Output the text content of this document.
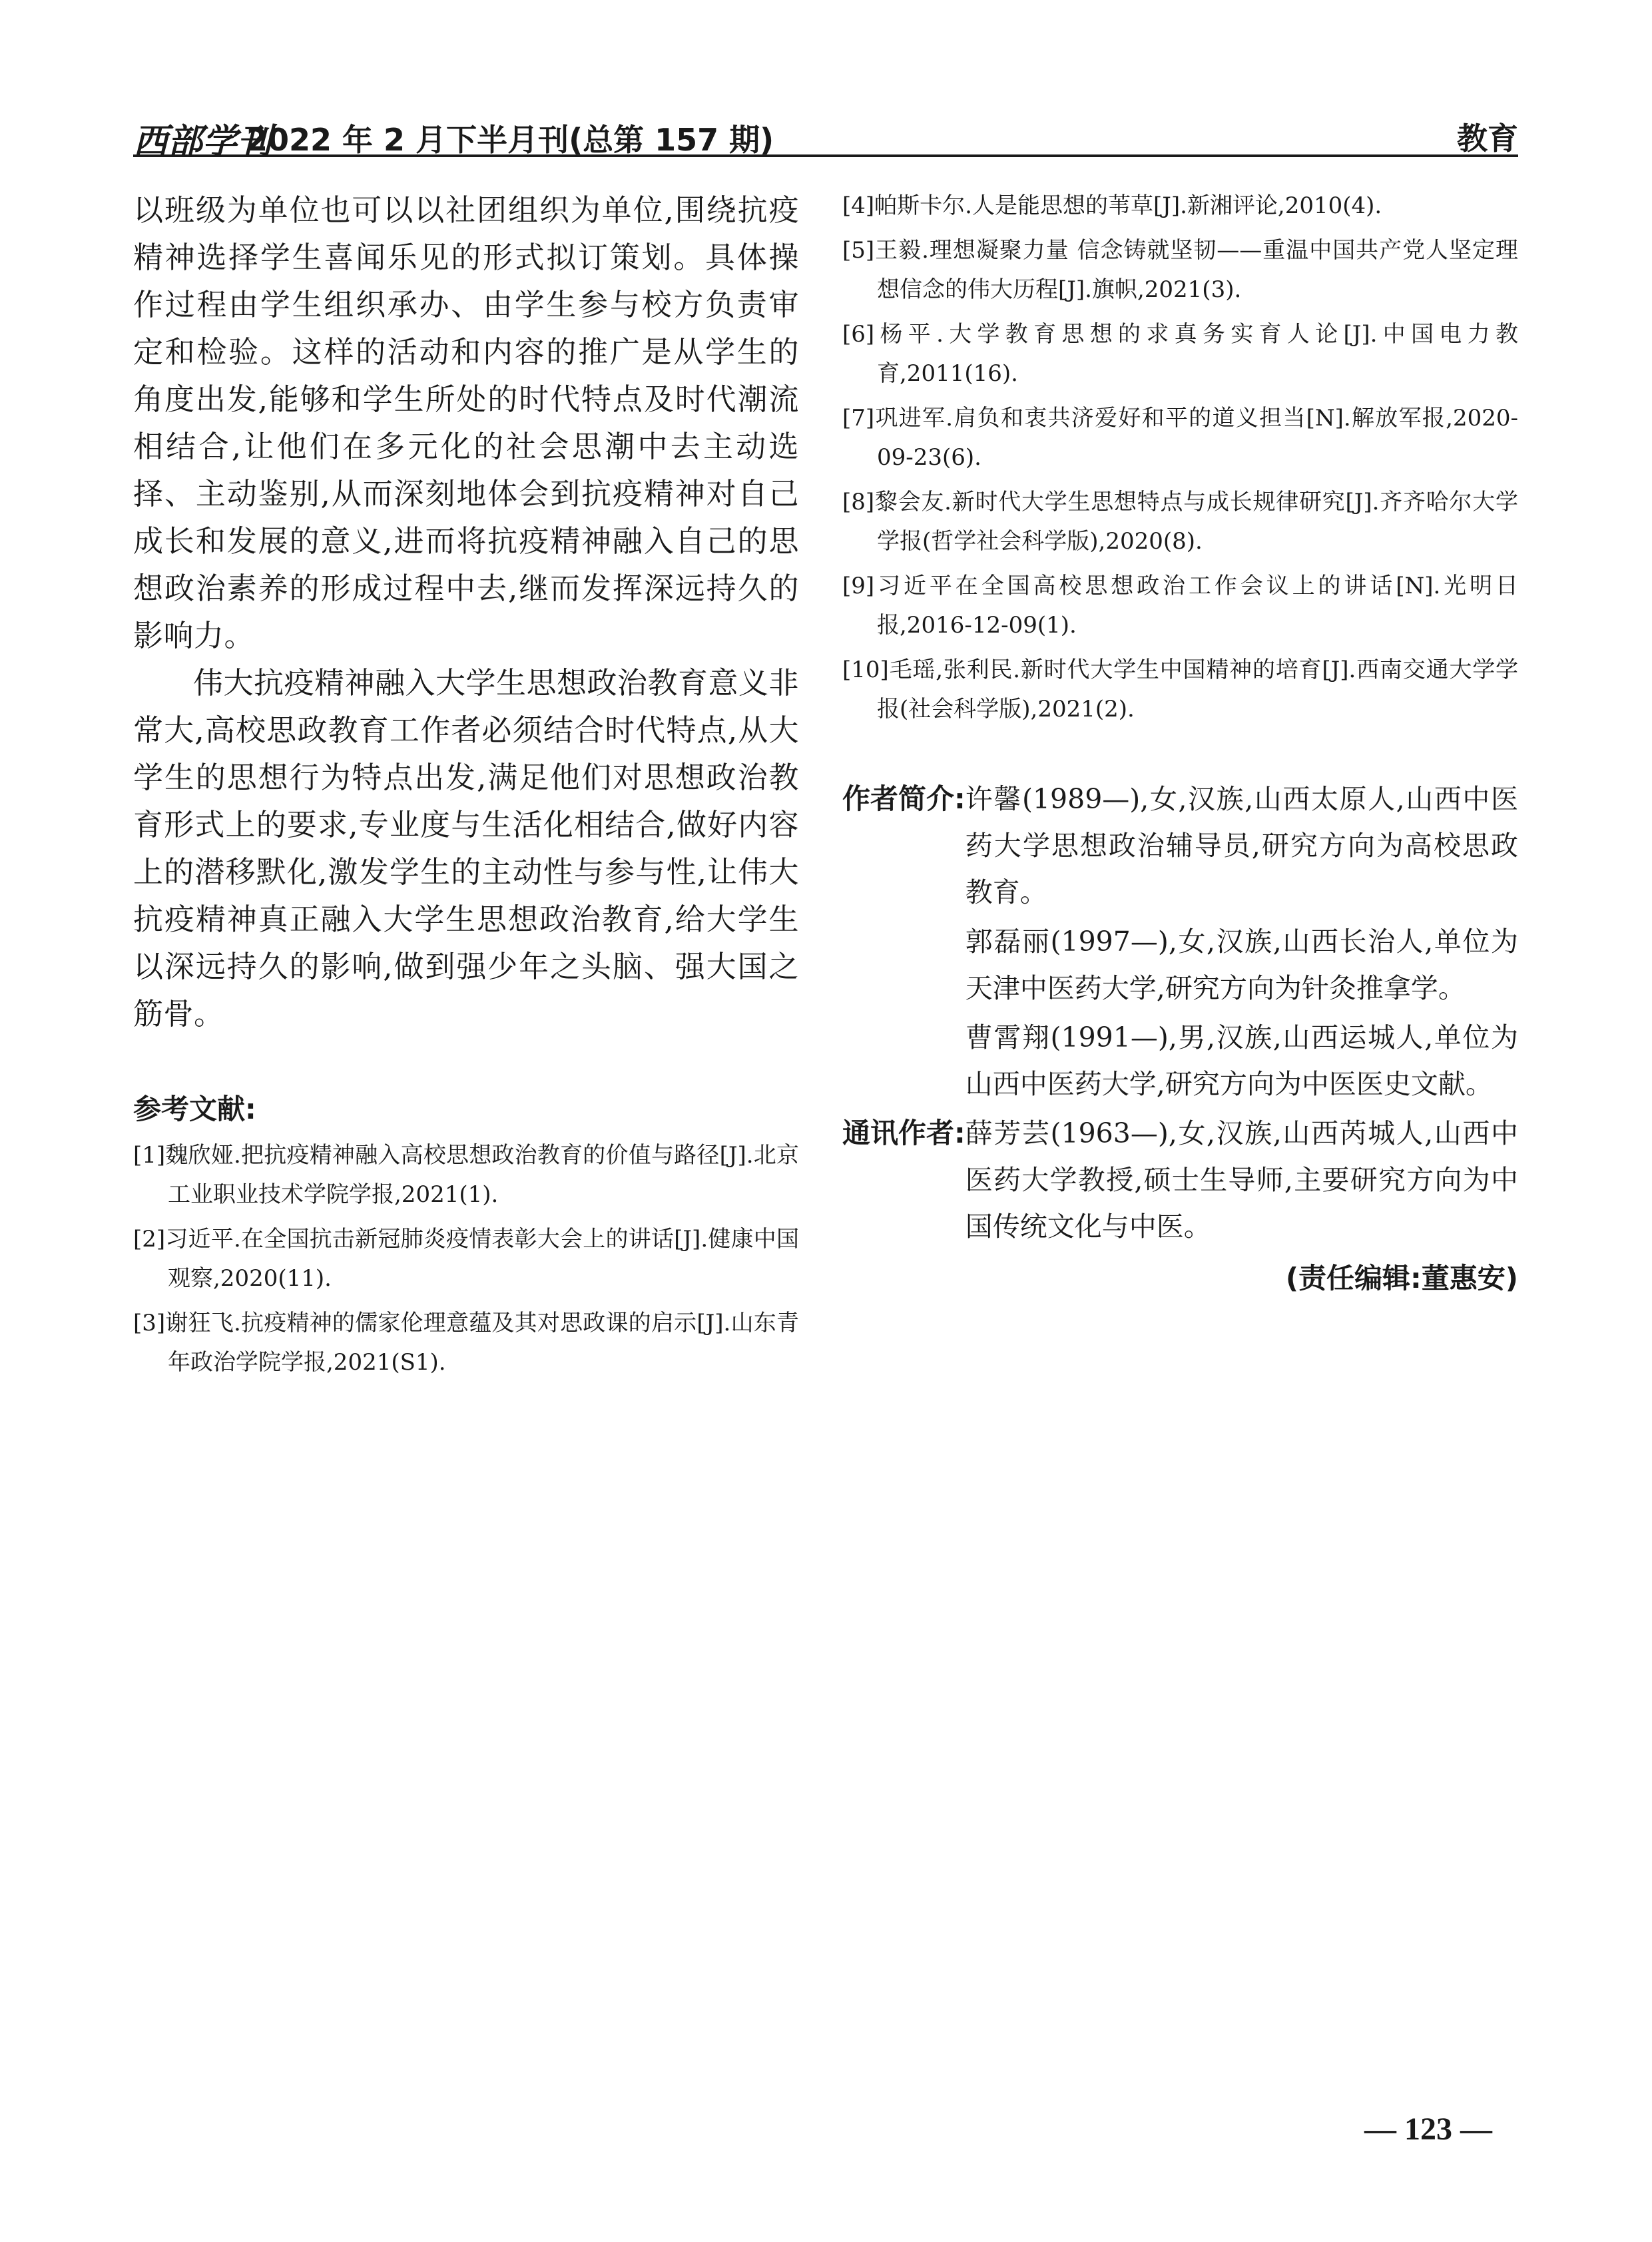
西部学刊
2022 年 2 月下半月刊(总第 157 期)	教育

以班级为单位也可以以社团组织为单位,围绕抗疫精神选择学生喜闻乐见的形式拟订策划。具体操作过程由学生组织承办、由学生参与校方负责审定和检验。这样的活动和内容的推广是从学生的角度出发,能够和学生所处的时代特点及时代潮流相结合,让他们在多元化的社会思潮中去主动选择、主动鉴别,从而深刻地体会到抗疫精神对自己成长和发展的意义,进而将抗疫精神融入自己的思想政治素养的形成过程中去,继而发挥深远持久的影响力。

伟大抗疫精神融入大学生思想政治教育意义非常大,高校思政教育工作者必须结合时代特点,从大学生的思想行为特点出发,满足他们对思想政治教育形式上的要求,专业度与生活化相结合,做好内容上的潜移默化,激发学生的主动性与参与性,让伟大抗疫精神真正融入大学生思想政治教育,给大学生以深远持久的影响,做到强少年之头脑、强大国之筋骨。

参考文献:
[1]魏欣娅.把抗疫精神融入高校思想政治教育的价值与路径[J].北京工业职业技术学院学报,2021(1).
[2]习近平.在全国抗击新冠肺炎疫情表彰大会上的讲话[J].健康中国观察,2020(11).
[3]谢狂飞.抗疫精神的儒家伦理意蕴及其对思政课的启示[J].山东青年政治学院学报,2021(S1).
[4]帕斯卡尔.人是能思想的苇草[J].新湘评论,2010(4).
[5]王毅.理想凝聚力量 信念铸就坚韧——重温中国共产党人坚定理想信念的伟大历程[J].旗帜,2021(3).
[6]杨平.大学教育思想的求真务实育人论[J].中国电力教育,2011(16).
[7]巩进军.肩负和衷共济爱好和平的道义担当[N].解放军报,2020-09-23(6).
[8]黎会友.新时代大学生思想特点与成长规律研究[J].齐齐哈尔大学学报(哲学社会科学版),2020(8).
[9]习近平在全国高校思想政治工作会议上的讲话[N].光明日报,2016-12-09(1).
[10]毛瑶,张利民.新时代大学生中国精神的培育[J].西南交通大学学报(社会科学版),2021(2).
作者简介: 许馨(1989—),女,汉族,山西太原人,山西中医药大学思想政治辅导员,研究方向为高校思政教育。

郭磊丽(1997—),女,汉族,山西长治人,单位为天津中医药大学,研究方向为针灸推拿学。

曹霄翔(1991—),男,汉族,山西运城人,单位为山西中医药大学,研究方向为中医医史文献。

通讯作者: 薛芳芸(1963—),女,汉族,山西芮城人,山西中医药大学教授,硕士生导师,主要研究方向为中国传统文化与中医。

(责任编辑:董惠安)
— 123 —
